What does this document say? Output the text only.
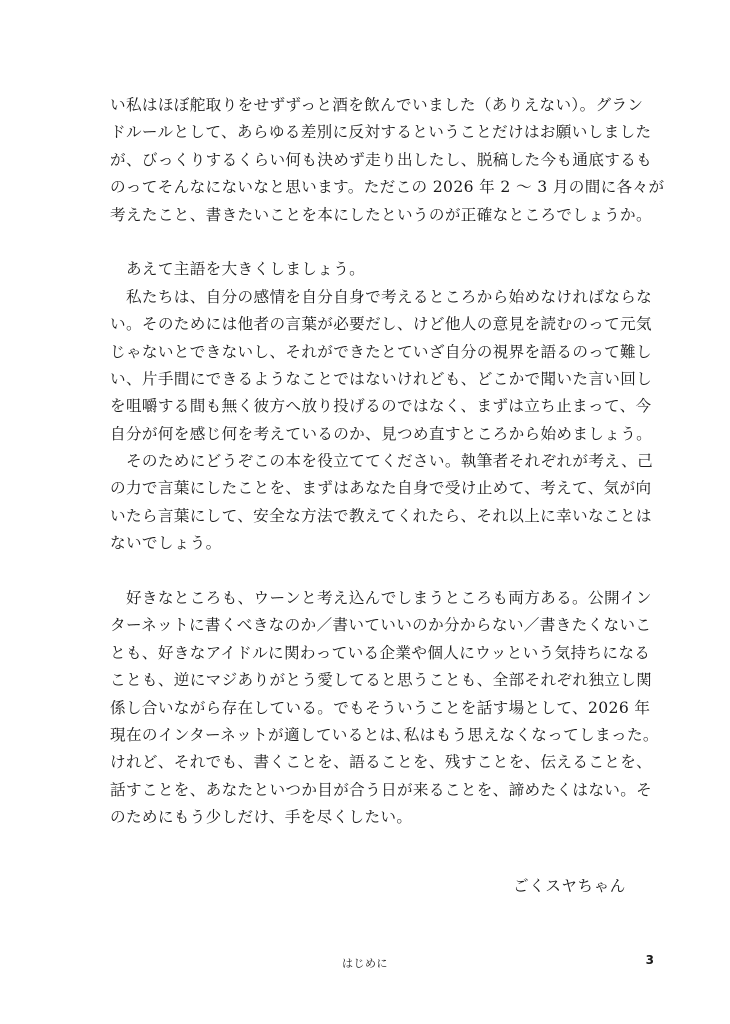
い私はほぼ舵取りをせずずっと酒を飲んでいました（ありえない）。グラン
ドルールとして、あらゆる差別に反対するということだけはお願いしました
が、びっくりするくらい何も決めず走り出したし、脱稿した今も通底するも
のってそんなにないなと思います。ただこの 2026 年 2 〜 3 月の間に各々が
考えたこと、書きたいことを本にしたというのが正確なところでしょうか。
　あえて主語を大きくしましょう。
　私たちは、自分の感情を自分自身で考えるところから始めなければならな
い。そのためには他者の言葉が必要だし、けど他人の意見を読むのって元気
じゃないとできないし、それができたとていざ自分の視界を語るのって難し
い、片手間にできるようなことではないけれども、どこかで聞いた言い回し
を咀嚼する間も無く彼方へ放り投げるのではなく、まずは立ち止まって、今
自分が何を感じ何を考えているのか、見つめ直すところから始めましょう。
　そのためにどうぞこの本を役立ててください。執筆者それぞれが考え、己
の力で言葉にしたことを、まずはあなた自身で受け止めて、考えて、気が向
いたら言葉にして、安全な方法で教えてくれたら、それ以上に幸いなことは
ないでしょう。
　好きなところも、ウーンと考え込んでしまうところも両方ある。公開イン
ターネットに書くべきなのか／書いていいのか分からない／書きたくないこ
とも、好きなアイドルに関わっている企業や個人にウッという気持ちになる
ことも、逆にマジありがとう愛してると思うことも、全部それぞれ独立し関
係し合いながら存在している。でもそういうことを話す場として、2026 年
現在のインターネットが適しているとは､私はもう思えなくなってしまった。
けれど、それでも、書くことを、語ることを、残すことを、伝えることを、
話すことを、あなたといつか目が合う日が来ることを、諦めたくはない。そ
のためにもう少しだけ、手を尽くしたい。
ごくスヤちゃん
はじめに	3
